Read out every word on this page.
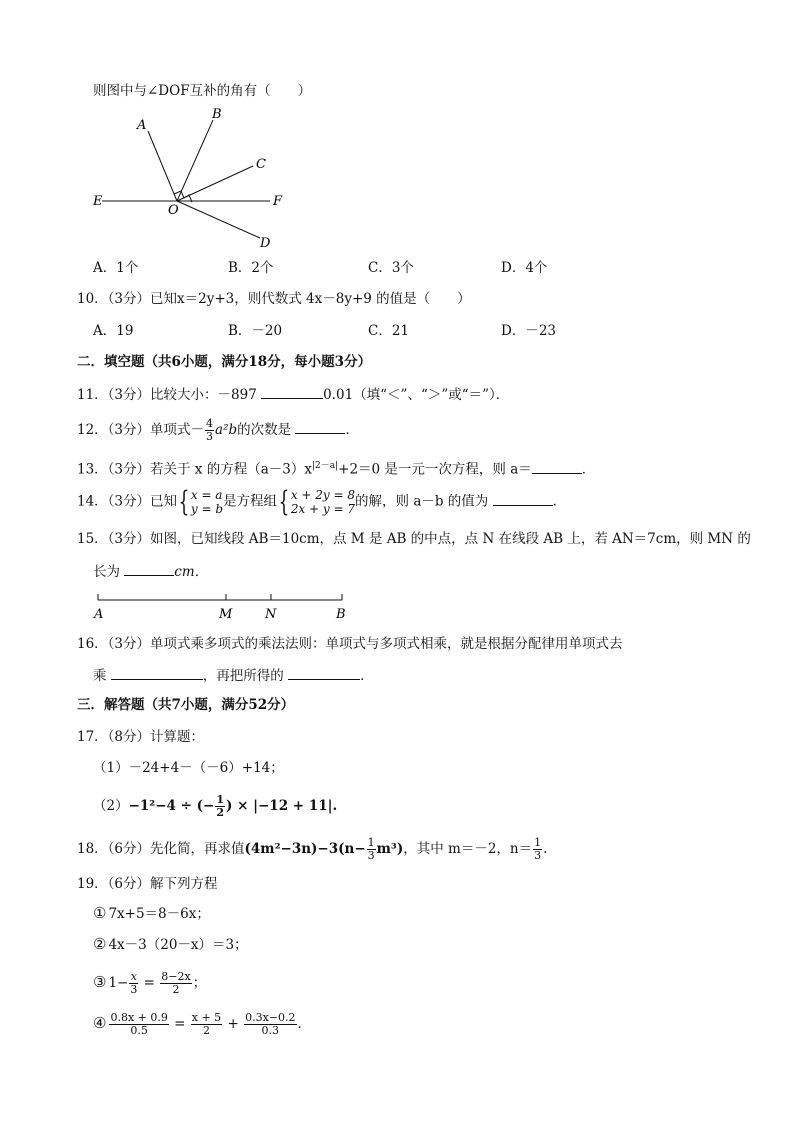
则图中与∠DOF互补的角有（　　）
A
B
C
E
O
F
D
A．1个	B．2个	C．3个	D．4个
10．（3分）已知x＝2y+3，则代数式 4x－8y+9 的值是（　　）
A．19	B．－20	C．21	D．－23
二．填空题（共6小题，满分18分，每小题3分）
11．（3分）比较大小：－897	0.01（填“＜”、“＞”或“＝”）．
12．（3分）单项式－ $\frac{4}{3} a^2b$的次数是	．
13．（3分）若关于 x 的方程$(a-3)x^{|2-a|}+2=0$ 是一元一次方程，则 a＝	．
14．（3分）已知{ x = a
y = b 是方程组{ x + 2y = 8
2x + y = 7 的解，则 a－b 的值为	．
15．（3分）如图，已知线段 AB＝10cm，点 M 是 AB 的中点，点 N 在线段 AB 上，若 AN＝7cm，则 MN 的
长为	cm．
A	M	N	B
16．（3分）单项式乘多项式的乘法法则：单项式与多项式相乘，就是根据分配律用单项式去
乘	，再把所得的	．
三．解答题（共7小题，满分52分）
17．（8分）计算题：
（1）－24+4－（－6）+14；
（2）−1²−4 ÷ (− $\frac{1}{2}$ ) × |−12 + 11|.
18．（6分）先化简，再求值$(4m^2-3n)-3(n- \frac{1}{3} m^3)$，其中 m＝－2，$n= \frac{1}{3}$ .
19．（6分）解下列方程
① 7x+5＝8－6x；
② 4x－3（20－x）＝3；
③ $1- \frac{x}{3} = \frac{8-2x}{2}$ ；
④ $\frac{0.8x + 0.9}{0.5} = \frac{x + 5}{2} + \frac{0.3x-0.2}{0.3}$ ．
